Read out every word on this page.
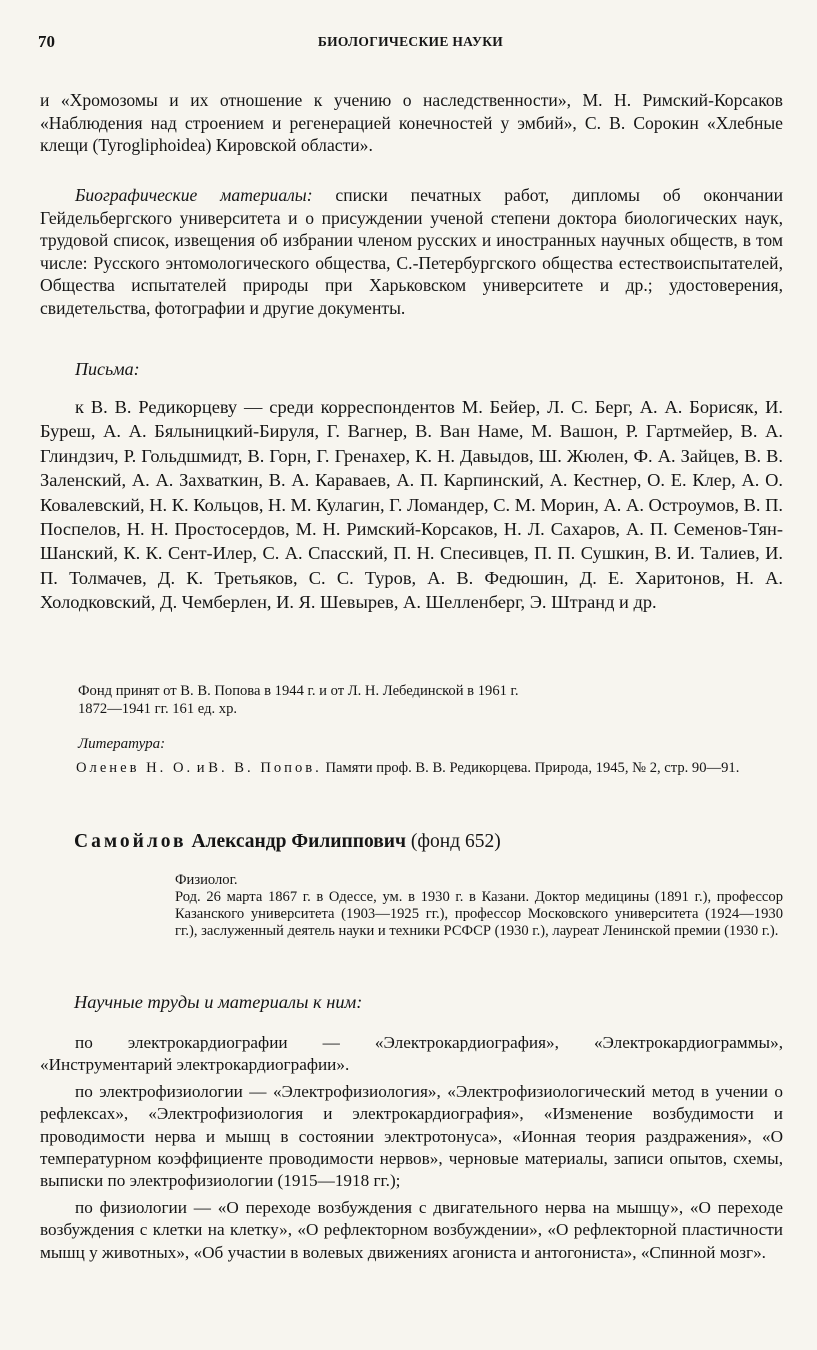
70	БИОЛОГИЧЕСКИЕ НАУКИ

и «Хромозомы и их отношение к учению о наследственности», М. Н. Римский-Корсаков «Наблюдения над строением и регенерацией конечностей у эмбий», С. В. Сорокин «Хлебные клещи (Tyrogliphoidea) Кировской области».

Биографические материалы: списки печатных работ, дипломы об окончании Гейдельбергского университета и о присуждении ученой степени доктора биологических наук, трудовой список, извещения об избрании членом русских и иностранных научных обществ, в том числе: Русского энтомологического общества, С.-Петербургского общества естествоиспытателей, Общества испытателей природы при Харьковском университете и др.; удостоверения, свидетельства, фотографии и другие документы.

Письма:

к В. В. Редикорцеву — среди корреспондентов М. Бейер, Л. С. Берг, А. А. Борисяк, И. Буреш, А. А. Бялыницкий-Бируля, Г. Вагнер, В. Ван Наме, М. Вашон, Р. Гартмейер, В. А. Глиндзич, Р. Гольдшмидт, В. Горн, Г. Гренахер, К. Н. Давыдов, Ш. Жюлен, Ф. А. Зайцев, В. В. Заленский, А. А. Захваткин, В. А. Караваев, А. П. Карпинский, А. Кестнер, О. Е. Клер, А. О. Ковалевский, Н. К. Кольцов, Н. М. Кулагин, Г. Ломандер, С. М. Морин, А. А. Остроумов, В. П. Поспелов, Н. Н. Простосердов, М. Н. Римский-Корсаков, Н. Л. Сахаров, А. П. Семенов-Тян-Шанский, К. К. Сент-Илер, С. А. Спасский, П. Н. Спесивцев, П. П. Сушкин, В. И. Талиев, И. П. Толмачев, Д. К. Третьяков, С. С. Туров, А. В. Федюшин, Д. Е. Харитонов, Н. А. Холодковский, Д. Чемберлен, И. Я. Шевырев, А. Шелленберг, Э. Штранд и др.

Фонд принят от В. В. Попова в 1944 г. и от Л. Н. Лебединской в 1961 г.

1872—1941 гг. 161 ед. хр.

Литература:

Оленев Н. О. и В. В. Попов. Памяти проф. В. В. Редикорцева. Природа, 1945, № 2, стр. 90—91.

Самойлов Александр Филиппович (фонд 652)

Физиолог.

Род. 26 марта 1867 г. в Одессе, ум. в 1930 г. в Казани. Доктор медицины (1891 г.), профессор Казанского университета (1903—1925 гг.), профессор Московского университета (1924—1930 гг.), заслуженный деятель науки и техники РСФСР (1930 г.), лауреат Ленинской премии (1930 г.).

Научные труды и материалы к ним:

по электрокардиографии — «Электрокардиография», «Электрокардиограммы», «Инструментарий электрокардиографии».

по электрофизиологии — «Электрофизиология», «Электрофизиологический метод в учении о рефлексах», «Электрофизиология и электрокардиография», «Изменение возбудимости и проводимости нерва и мышц в состоянии электротонуса», «Ионная теория раздражения», «О температурном коэффициенте проводимости нервов», черновые материалы, записи опытов, схемы, выписки по электрофизиологии (1915—1918 гг.);

по физиологии — «О переходе возбуждения с двигательного нерва на мышцу», «О переходе возбуждения с клетки на клетку», «О рефлекторном возбуждении», «О рефлекторной пластичности мышц у животных», «Об участии в волевых движениях агониста и антогониста», «Спинной мозг».
